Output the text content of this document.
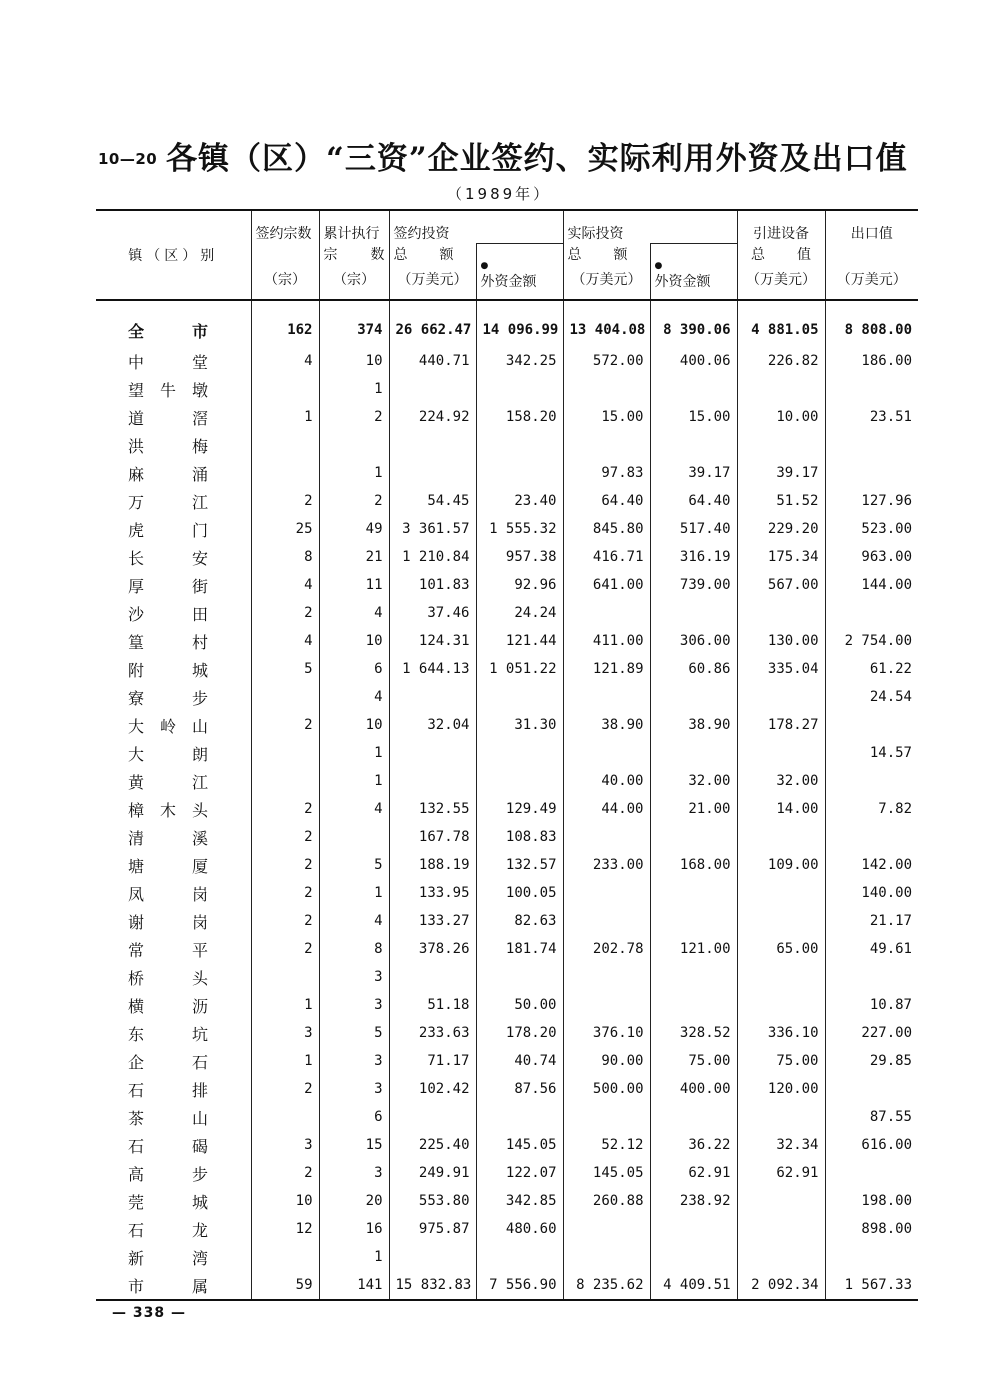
10—20 各镇（区）“三资”企业签约、实际利用外资及出口值
（1989年）
镇（区）别	签约宗数	累计执行	签约投资		实际投资		引进设备	出口值

		宗 数	总 额	●
外资金额	总 额	●
外资金额	总 值	

	（宗）	（宗）	（万美元）		（万美元）		（万美元）	（万美元）

全 市	162	374	26 662.47	14 096.99	13 404.08	8 390.06	4 881.05	8 808.00

中 堂	4	10	440.71	342.25	572.00	400.06	226.82	186.00

望 牛 墩		1						

道 滘	1	2	224.92	158.20	15.00	15.00	10.00	23.51

洪 梅								

麻 涌		1			97.83	39.17	39.17	

万 江	2	2	54.45	23.40	64.40	64.40	51.52	127.96

虎 门	25	49	3 361.57	1 555.32	845.80	517.40	229.20	523.00

长 安	8	21	1 210.84	957.38	416.71	316.19	175.34	963.00

厚 街	4	11	101.83	92.96	641.00	739.00	567.00	144.00

沙 田	2	4	37.46	24.24				

篁 村	4	10	124.31	121.44	411.00	306.00	130.00	2 754.00

附 城	5	6	1 644.13	1 051.22	121.89	60.86	335.04	61.22

寮 步		4						24.54

大 岭 山	2	10	32.04	31.30	38.90	38.90	178.27	

大 朗		1						14.57

黄 江		1			40.00	32.00	32.00	

樟 木 头	2	4	132.55	129.49	44.00	21.00	14.00	7.82

清 溪	2		167.78	108.83				

塘 厦	2	5	188.19	132.57	233.00	168.00	109.00	142.00

凤 岗	2	1	133.95	100.05				140.00

谢 岗	2	4	133.27	82.63				21.17

常 平	2	8	378.26	181.74	202.78	121.00	65.00	49.61

桥 头		3						

横 沥	1	3	51.18	50.00				10.87

东 坑	3	5	233.63	178.20	376.10	328.52	336.10	227.00

企 石	1	3	71.17	40.74	90.00	75.00	75.00	29.85

石 排	2	3	102.42	87.56	500.00	400.00	120.00	

茶 山		6						87.55

石 碣	3	15	225.40	145.05	52.12	36.22	32.34	616.00

高 步	2	3	249.91	122.07	145.05	62.91	62.91	

莞 城	10	20	553.80	342.85	260.88	238.92		198.00

石 龙	12	16	975.87	480.60				898.00

新 湾		1						

市 属	59	141	15 832.83	7 556.90	8 235.62	4 409.51	2 092.34	1 567.33
— 338 —
